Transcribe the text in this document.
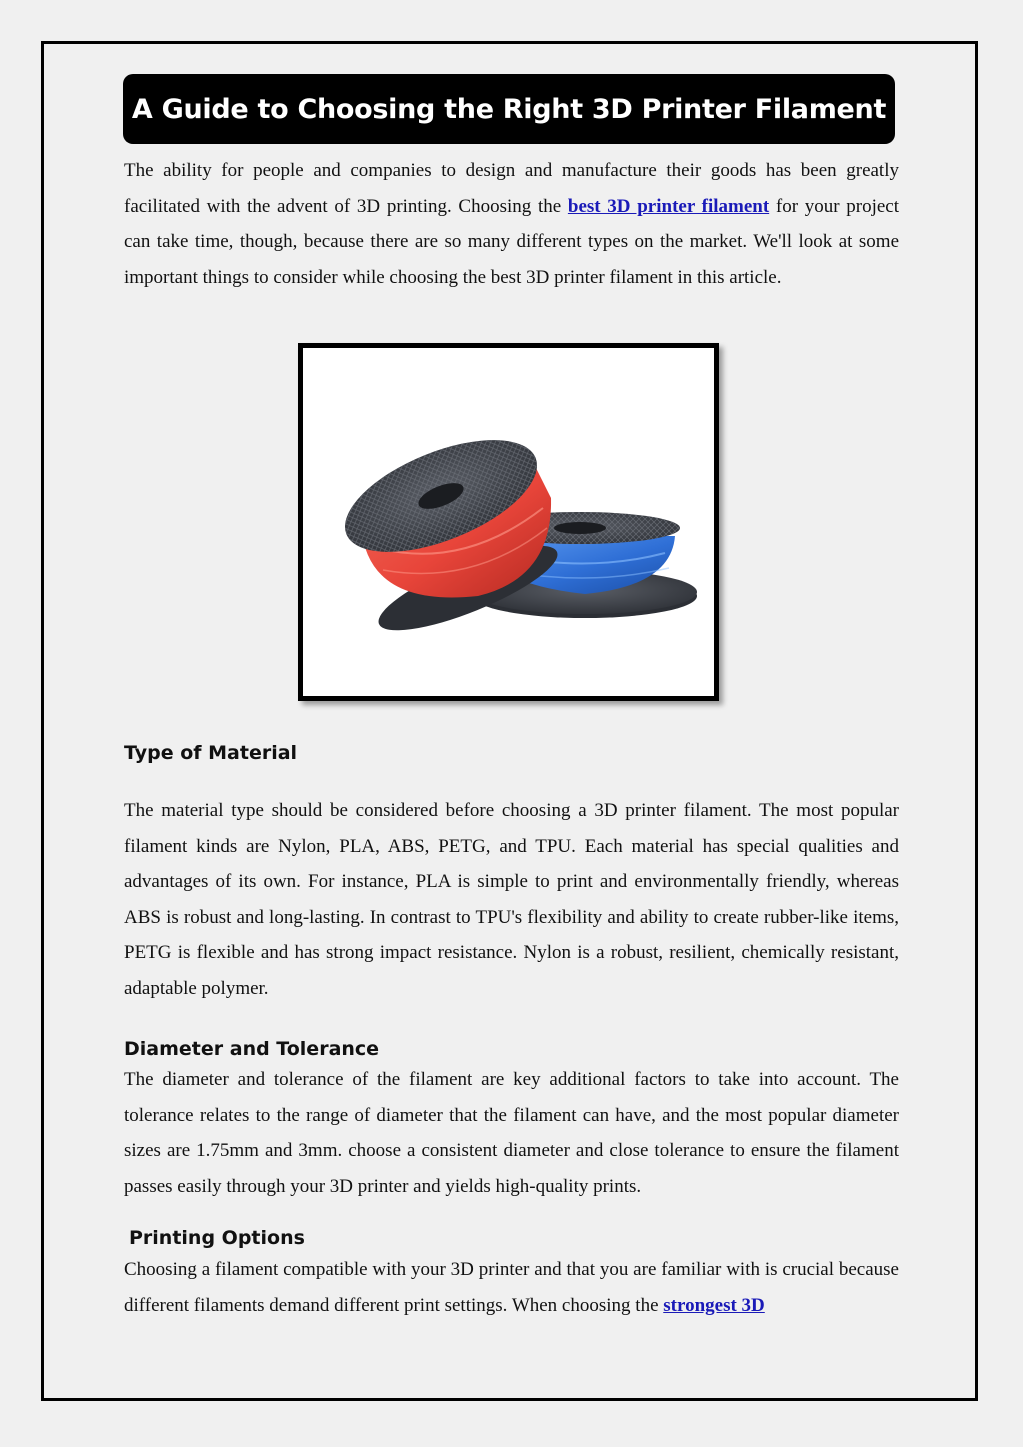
A Guide to Choosing the Right 3D Printer Filament

The ability for people and companies to design and manufacture their goods has been greatly facilitated with the advent of 3D printing. Choosing the best 3D printer filament for your project can take time, though, because there are so many different types on the market. We'll look at some important things to consider while choosing the best 3D printer filament in this article.

Type of Material

The material type should be considered before choosing a 3D printer filament. The most popular filament kinds are Nylon, PLA, ABS, PETG, and TPU. Each material has special qualities and advantages of its own. For instance, PLA is simple to print and environmentally friendly, whereas ABS is robust and long-lasting. In contrast to TPU's flexibility and ability to create rubber-like items, PETG is flexible and has strong impact resistance. Nylon is a robust, resilient, chemically resistant, adaptable polymer.

Diameter and Tolerance

The diameter and tolerance of the filament are key additional factors to take into account. The tolerance relates to the range of diameter that the filament can have, and the most popular diameter sizes are 1.75mm and 3mm. choose a consistent diameter and close tolerance to ensure the filament passes easily through your 3D printer and yields high-quality prints.

Printing Options

Choosing a filament compatible with your 3D printer and that you are familiar with is crucial because different filaments demand different print settings. When choosing the strongest 3D
